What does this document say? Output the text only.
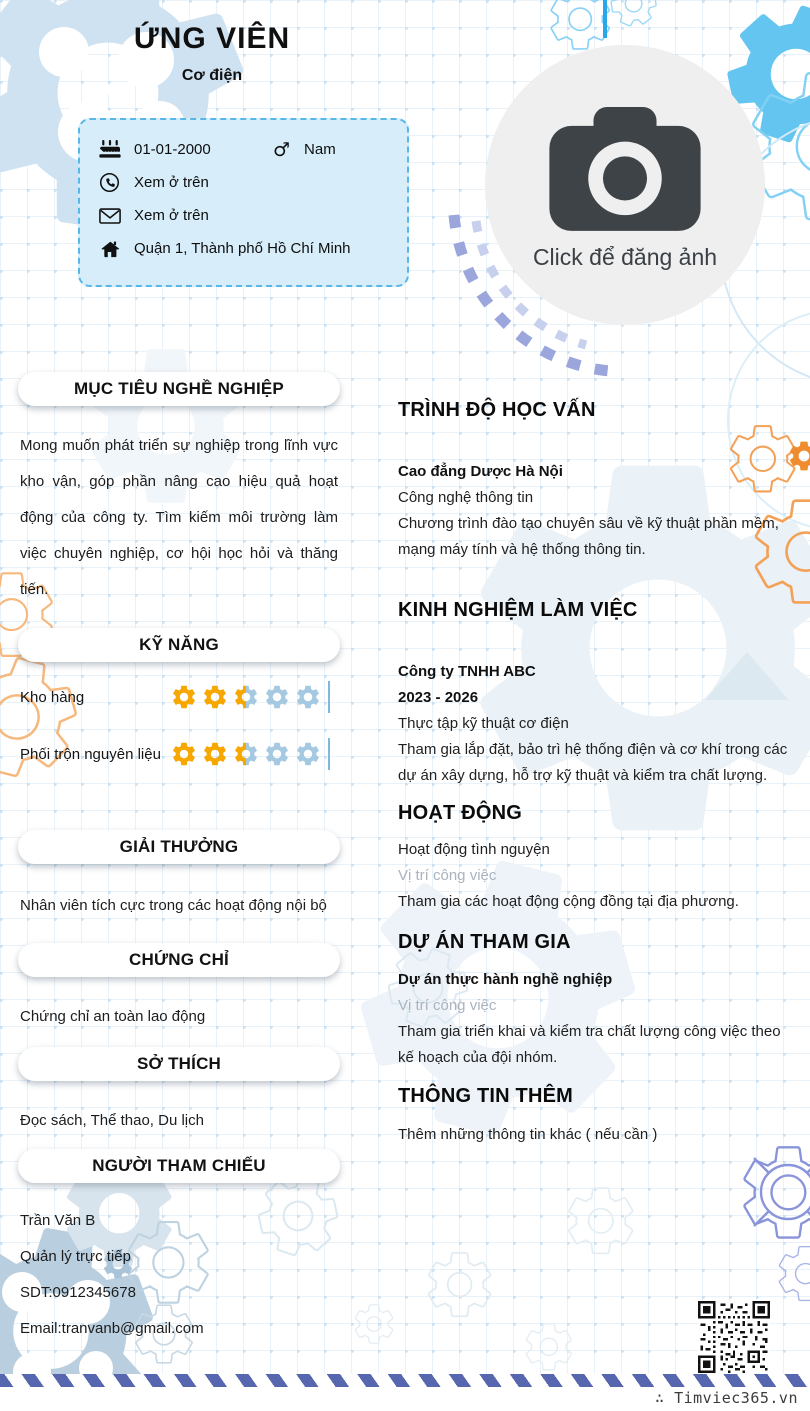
ỨNG VIÊN
Cơ điện
01-01-2000	♂ Nam
Xem ở trên
Xem ở trên
Quận 1, Thành phố Hồ Chí Minh	Click để đăng ảnh
MỤC TIÊU NGHỀ NGHIỆP

Mong muốn phát triển sự nghiệp trong lĩnh vực kho vận, góp phần nâng cao hiệu quả hoạt động của công ty. Tìm kiếm môi trường làm việc chuyên nghiệp, cơ hội học hỏi và thăng tiến.

KỸ NĂNG
Kho hàng
Phối trộn nguyên liệu
GIẢI THƯỞNG

Nhân viên tích cực trong các hoạt động nội bộ

CHỨNG CHỈ

Chứng chỉ an toàn lao động

SỞ THÍCH

Đọc sách, Thể thao, Du lịch

NGƯỜI THAM CHIẾU

Trần Văn B

Quản lý trực tiếp

SDT:0912345678

Email:tranvanb@gmail.com

TRÌNH ĐỘ HỌC VẤN

Cao đẳng Dược Hà Nội

Công nghệ thông tin

Chương trình đào tạo chuyên sâu về kỹ thuật phần mềm, mạng máy tính và hệ thống thông tin.

KINH NGHIỆM LÀM VIỆC

Công ty TNHH ABC

2023 - 2026

Thực tập kỹ thuật cơ điện

Tham gia lắp đặt, bảo trì hệ thống điện và cơ khí trong các dự án xây dựng, hỗ trợ kỹ thuật và kiểm tra chất lượng.

HOẠT ĐỘNG

Hoạt động tình nguyện

Vị trí công việc

Tham gia các hoạt động cộng đồng tại địa phương.

DỰ ÁN THAM GIA

Dự án thực hành nghề nghiệp

Vị trí công việc

Tham gia triển khai và kiểm tra chất lượng công việc theo kế hoạch của đội nhóm.

THÔNG TIN THÊM

Thêm những thông tin khác ( nếu cần )

∴ Timviec365.vn
